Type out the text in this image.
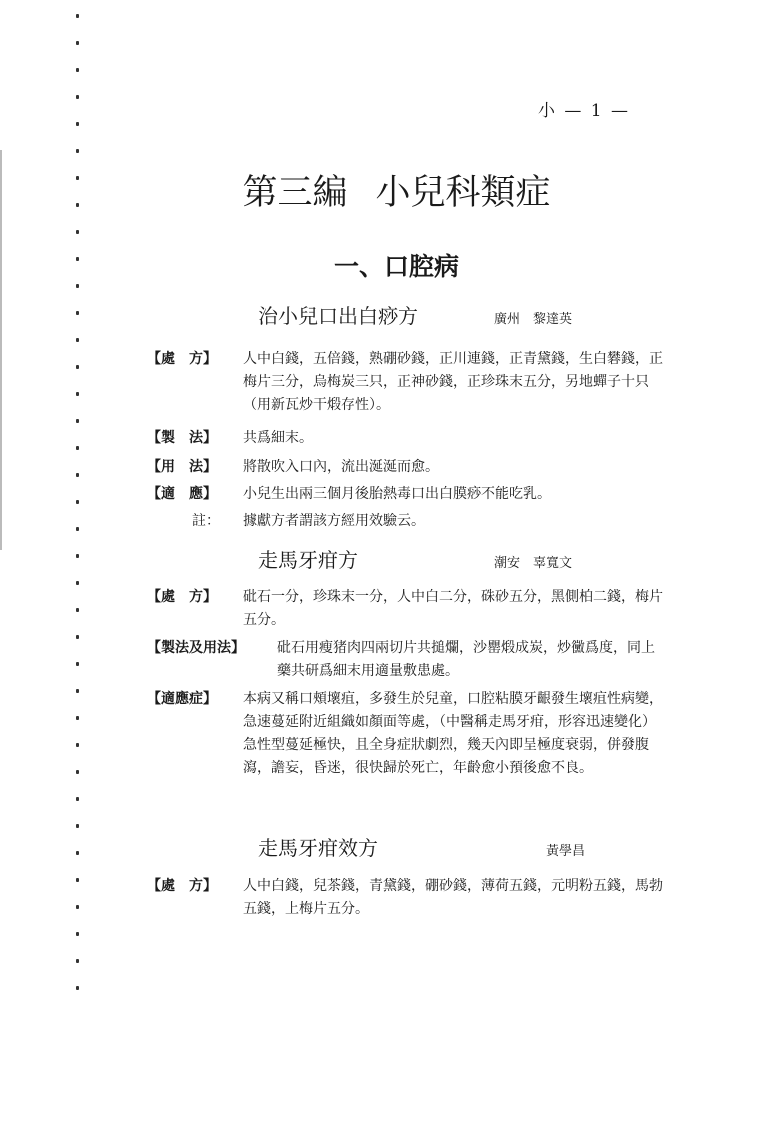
小 — 1 —
第三編 小兒科類症
一、口腔病
治小兒口出白痧方	廣州　黎達英
【處　方】	人中白錢，五倍錢，熟硼砂錢，正川連錢，正青黛錢，生白礬錢，正梅片三分，烏梅炭三只，正神砂錢，正珍珠末五分，另地蟬子十只（用新瓦炒干煅存性）。
【製　法】	共爲細末。
【用　法】	將散吹入口內，流出涎涎而愈。
【適　應】	小兒生出兩三個月後胎熱毒口出白膜痧不能吃乳。
註： 據獻方者謂該方經用效驗云。
走馬牙疳方	潮安　辜寬文
【處　方】	砒石一分，珍珠末一分，人中白二分，硃砂五分，黑側柏二錢，梅片五分。
【製法及用法】	砒石用瘦猪肉四兩切片共搥爛，沙罌煅成炭，炒黴爲度，同上藥共研爲細末用適量敷患處。
【適應症】	本病又稱口頰壞疽，多發生於兒童，口腔粘膜牙齦發生壞疽性病變，急速蔓延附近組織如顏面等處，（中醫稱走馬牙疳，形容迅速變化）急性型蔓延極快，且全身症狀劇烈，幾天內即呈極度衰弱，併發腹瀉，譫妄，昏迷，很快歸於死亡，年齡愈小預後愈不良。
走馬牙疳效方	黃學昌
【處　方】	人中白錢，兒茶錢，青黛錢，硼砂錢，薄荷五錢，元明粉五錢，馬勃五錢，上梅片五分。
